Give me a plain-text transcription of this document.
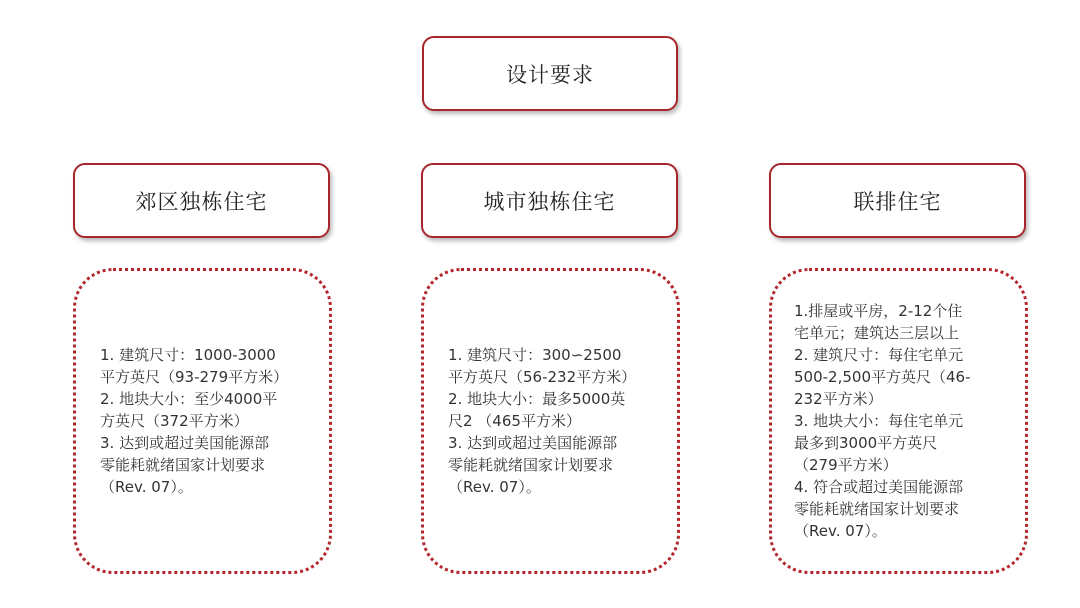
设计要求
郊区独栋住宅	城市独栋住宅	联排住宅
1. 建筑尺寸：1000-3000
平方英尺（93-279平方米）
2. 地块大小：至少4000平
方英尺（372平方米）
3. 达到或超过美国能源部
零能耗就绪国家计划要求
（Rev. 07）。
1. 建筑尺寸：300∽2500
平方英尺（56-232平方米）
2. 地块大小：最多5000英
尺2 （465平方米）
3. 达到或超过美国能源部
零能耗就绪国家计划要求
（Rev. 07）。
1.排屋或平房，2-12个住
宅单元；建筑达三层以上
2. 建筑尺寸：每住宅单元
500-2,500平方英尺（46-
232平方米）
3. 地块大小：每住宅单元
最多到3000平方英尺
（279平方米）
4. 符合或超过美国能源部
零能耗就绪国家计划要求
（Rev. 07）。
